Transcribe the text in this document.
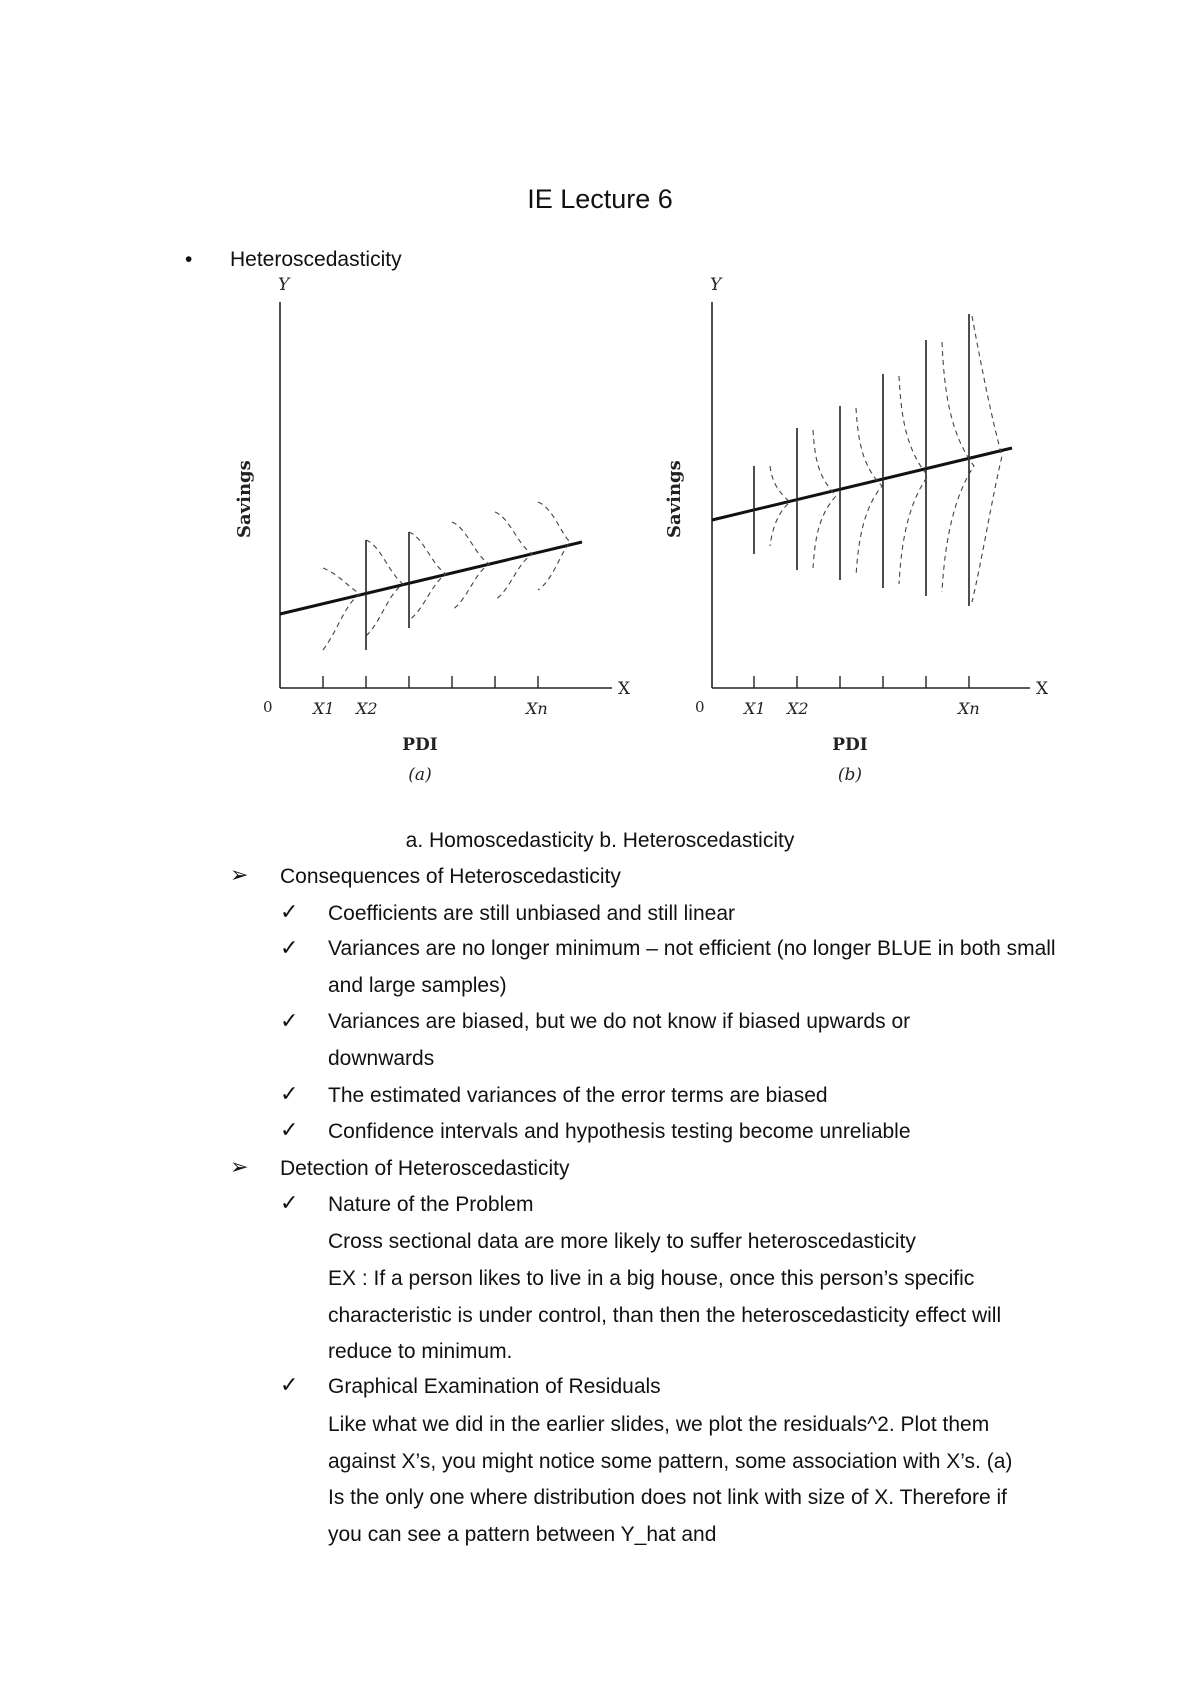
IE Lecture 6
• Heteroscedasticity
Y
X
0
Savings
X1 X2	Xn
PDI
(a)
Y
X
0
Savings
X1 X2	Xn
PDI
(b)
a. Homoscedasticity b. Heteroscedasticity
➢ Consequences of Heteroscedasticity
✓ Coefficients are still unbiased and still linear
✓ Variances are no longer minimum – not efficient (no longer BLUE in both small and large samples)
✓ Variances are biased, but we do not know if biased upwards or downwards
✓ The estimated variances of the error terms are biased
✓ Confidence intervals and hypothesis testing become unreliable
➢ Detection of Heteroscedasticity
✓ Nature of the Problem
Cross sectional data are more likely to suffer heteroscedasticity
EX : If a person likes to live in a big house, once this person’s specific characteristic is under control, than then the heteroscedasticity effect will reduce to minimum.
✓ Graphical Examination of Residuals
Like what we did in the earlier slides, we plot the residuals^2. Plot them against X’s, you might notice some pattern, some association with X’s. (a) Is the only one where distribution does not link with size of X. Therefore if you can see a pattern between Y_hat and
